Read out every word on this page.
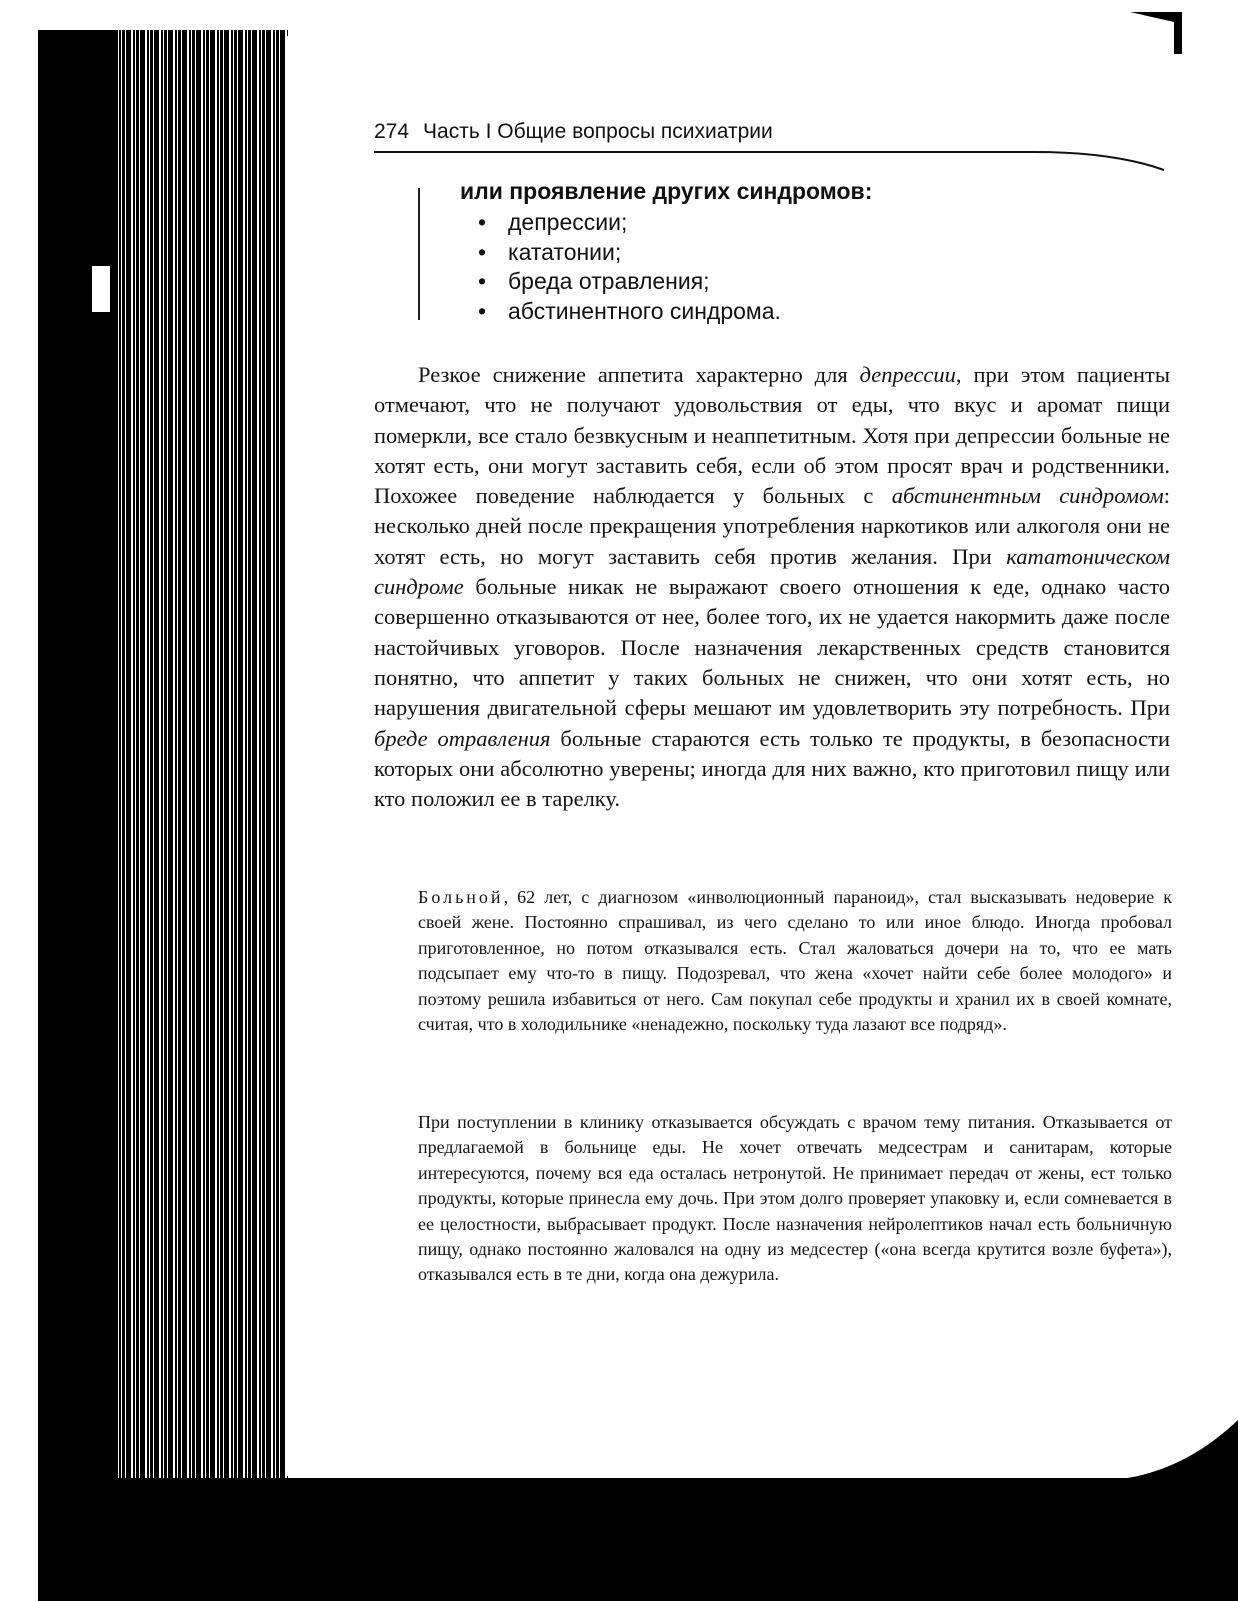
274 Часть I Общие вопросы психиатрии
или проявление других синдромов:
• депрессии;
• кататонии;
• бреда отравления;
• абстинентного синдрома.

Резкое снижение аппетита характерно для депрессии, при этом пациенты отмечают, что не получают удовольствия от еды, что вкус и аромат пищи померкли, все стало безвкусным и неаппетитным. Хотя при депрессии больные не хотят есть, они могут заставить себя, если об этом просят врач и родственники. Похожее поведение наблюдается у больных с абстинентным синдромом: несколько дней после прекращения употребления наркотиков или алкоголя они не хотят есть, но могут заставить себя против желания. При кататоническом синдроме больные никак не выражают своего отношения к еде, однако часто совершенно отказываются от нее, более того, их не удается накормить даже после настойчивых уговоров. После назначения лекарственных средств становится понятно, что аппетит у таких больных не снижен, что они хотят есть, но нарушения двигательной сферы мешают им удовлетворить эту потребность. При бреде отравления больные стараются есть только те продукты, в безопасности которых они абсолютно уверены; иногда для них важно, кто приготовил пищу или кто положил ее в тарелку.

Больной, 62 лет, с диагнозом «инволюционный параноид», стал высказывать недоверие к своей жене. Постоянно спрашивал, из чего сделано то или иное блюдо. Иногда пробовал приготовленное, но потом отказывался есть. Стал жаловаться дочери на то, что ее мать подсыпает ему что-то в пищу. Подозревал, что жена «хочет найти себе более молодого» и поэтому решила избавиться от него. Сам покупал себе продукты и хранил их в своей комнате, считая, что в холодильнике «ненадежно, поскольку туда лазают все подряд».

При поступлении в клинику отказывается обсуждать с врачом тему питания. Отказывается от предлагаемой в больнице еды. Не хочет отвечать медсестрам и санитарам, которые интересуются, почему вся еда осталась нетронутой. Не принимает передач от жены, ест только продукты, которые принесла ему дочь. При этом долго проверяет упаковку и, если сомневается в ее целостности, выбрасывает продукт. После назначения нейролептиков начал есть больничную пищу, однако постоянно жаловался на одну из медсестер («она всегда крутится возле буфета»), отказывался есть в те дни, когда она дежурила.
